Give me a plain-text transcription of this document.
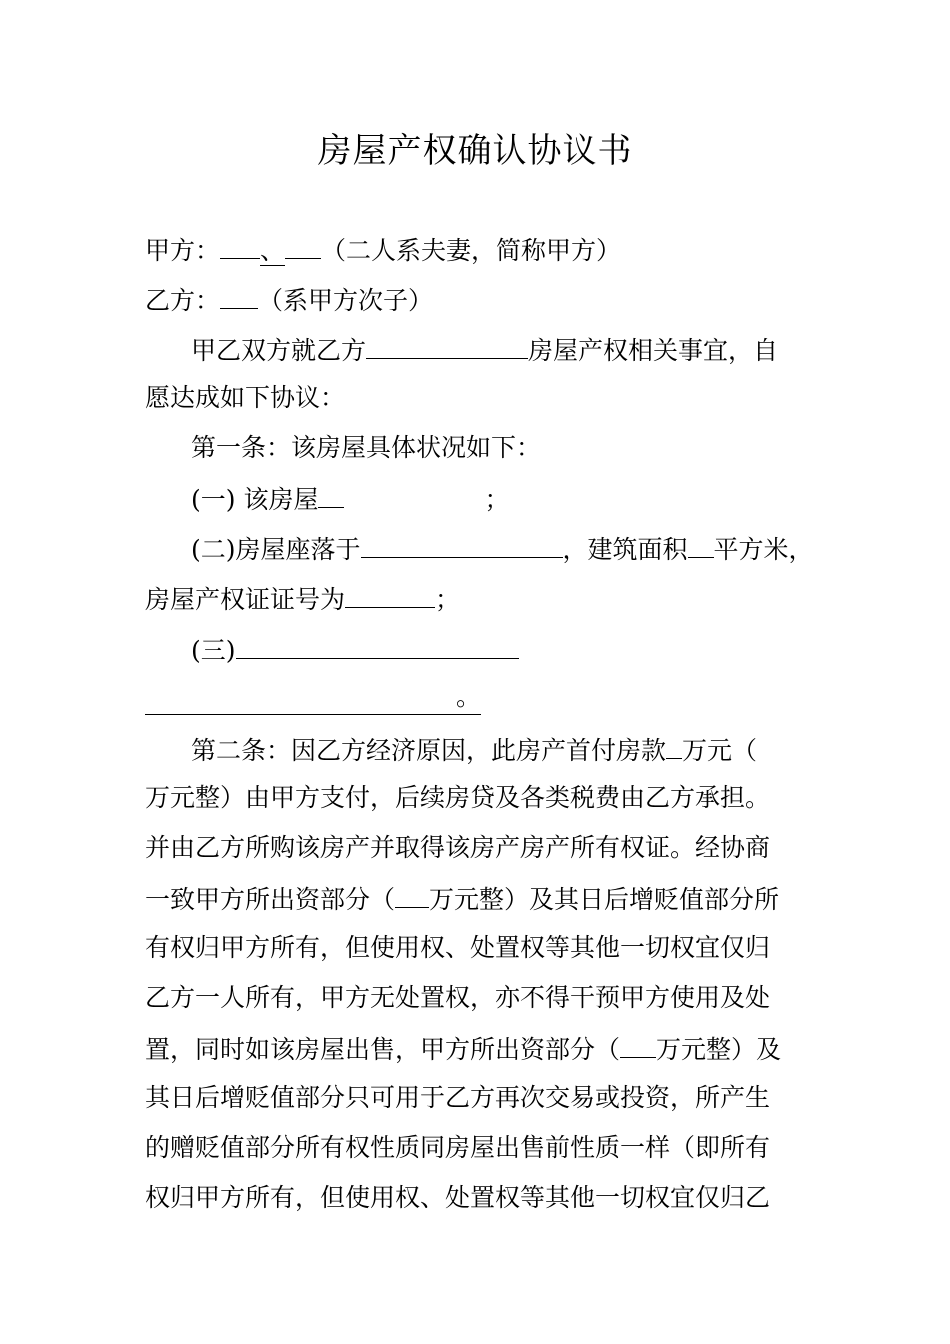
房屋产权确认协议书
甲方： 、 （二人系夫妻，简称甲方）
乙方： （系甲方次子）
甲乙双方就乙方	房屋产权相关事宜，自
愿达成如下协议：
第一条：该房屋具体状况如下：
(一) 该房屋	；
(二)房屋座落于	，建筑面积 平方米，
房屋产权证证号为	；
(三)
。
第二条：因乙方经济原因，此房产首付房款 万元（
万元整）由甲方支付，后续房贷及各类税费由乙方承担。
并由乙方所购该房产并取得该房产房产所有权证。经协商
一致甲方所出资部分（ 万元整）及其日后增贬值部分所
有权归甲方所有，但使用权、处置权等其他一切权宜仅归
乙方一人所有，甲方无处置权，亦不得干预甲方使用及处
置，同时如该房屋出售，甲方所出资部分（ 万元整）及
其日后增贬值部分只可用于乙方再次交易或投资，所产生
的赠贬值部分所有权性质同房屋出售前性质一样（即所有
权归甲方所有，但使用权、处置权等其他一切权宜仅归乙
